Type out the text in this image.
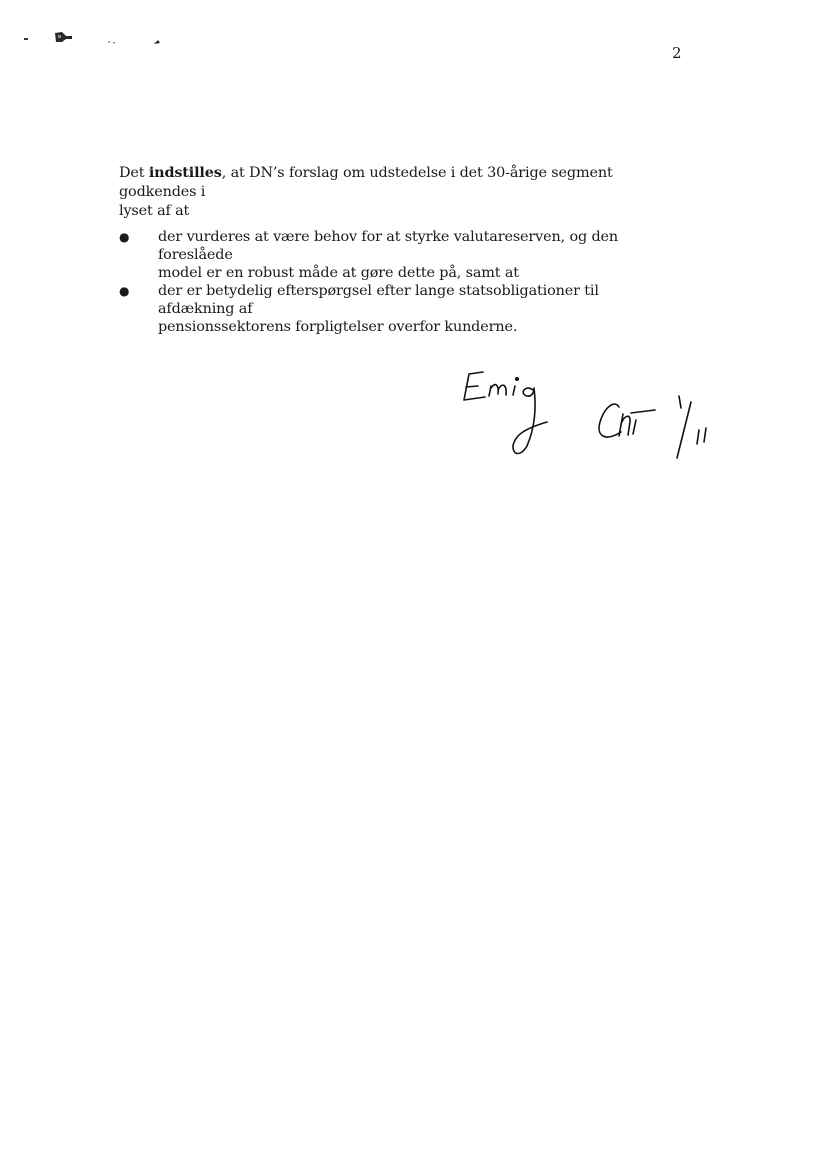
2
Det indstilles, at DN’s forslag om udstedelse i det 30-årige segment godkendes i
lyset af at
● der vurderes at være behov for at styrke valutareserven, og den foreslåede
model er en robust måde at gøre dette på, samt at
● der er betydelig efterspørgsel efter lange statsobligationer til afdækning af
pensionssektorens forpligtelser overfor kunderne.
